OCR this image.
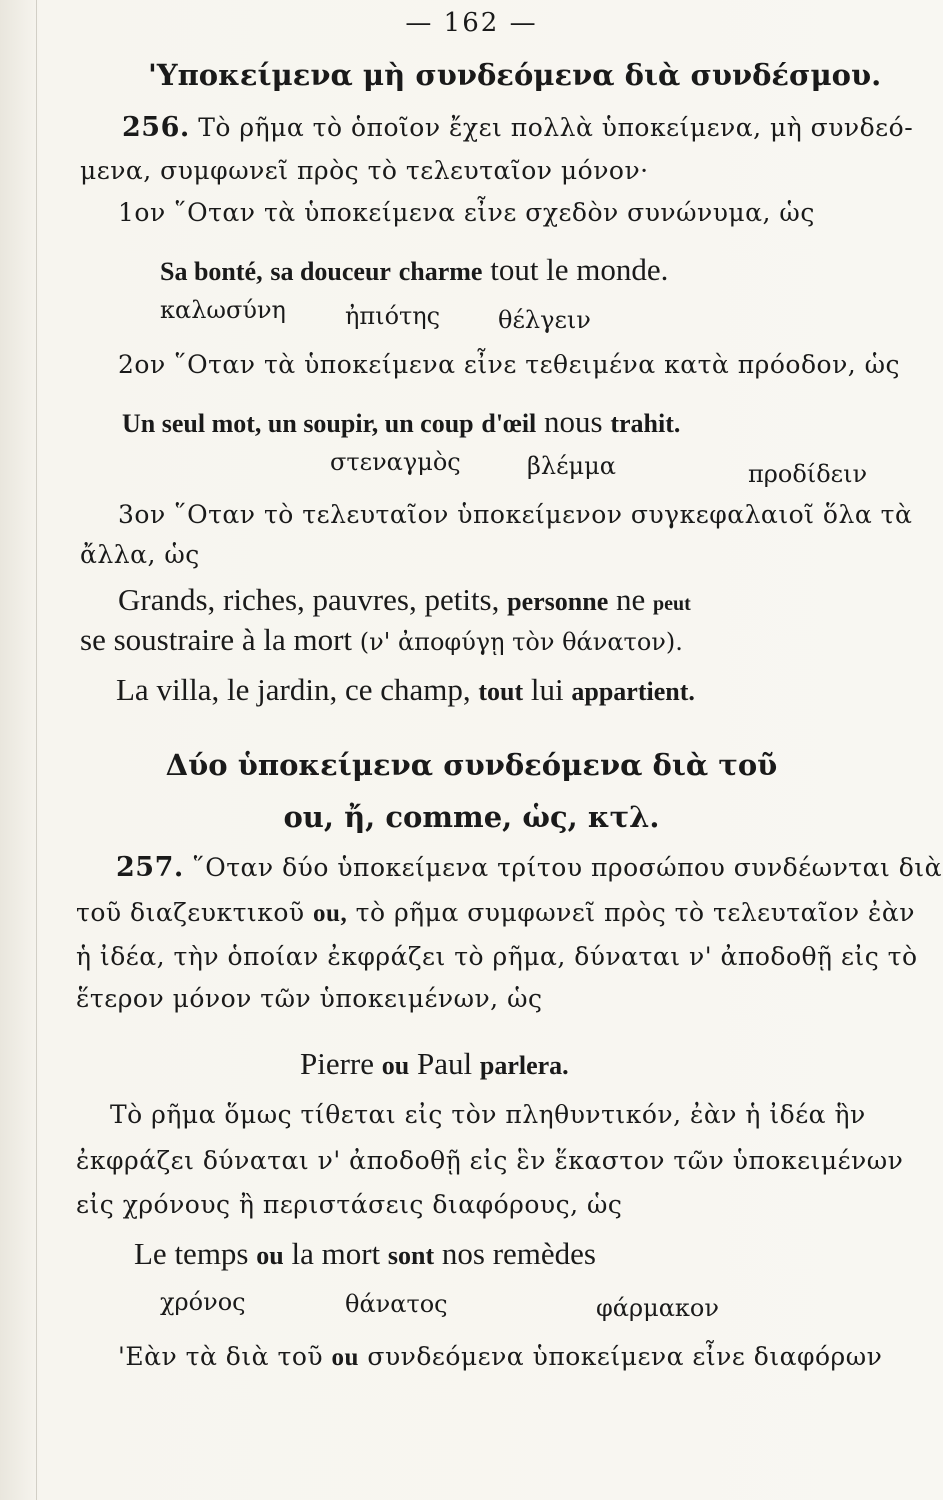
— 162 —
'Υποκείμενα μὴ συνδεόμενα διὰ συνδέσμου.
256. Τὸ ρῆμα τὸ ὁποῖον ἔχει πολλὰ ὑποκείμενα, μὴ συνδεό-
μενα, συμφωνεῖ πρὸς τὸ τελευταῖον μόνον·
1ον ῞Οταν τὰ ὑποκείμενα εἶνε σχεδὸν συνώνυμα, ὡς
Sa bonté, sa douceur charme tout le monde.
καλωσύνη ἠπιότης θέλγειν
2ον ῞Οταν τὰ ὑποκείμενα εἶνε τεθειμένα κατὰ πρόοδον, ὡς
Un seul mot, un soupir, un coup d'œil nous trahit.
στεναγμὸς	βλέμμα	προδίδειν
3ον ῞Οταν τὸ τελευταῖον ὑποκείμενον συγκεφαλαιοῖ ὅλα τὰ
ἄλλα, ὡς
Grands, riches, pauvres, petits, personne ne peut
se soustraire à la mort (ν' ἀποφύγῃ τὸν θάνατον).
La villa, le jardin, ce champ, tout lui appartient.
Δύο ὑποκείμενα συνδεόμενα διὰ τοῦ
ou, ἤ, comme, ὡς, κτλ.
257. ῞Οταν δύο ὑποκείμενα τρίτου προσώπου συνδέωνται διὰ
τοῦ διαζευκτικοῦ ou, τὸ ρῆμα συμφωνεῖ πρὸς τὸ τελευταῖον ἐὰν
ἡ ἰδέα, τὴν ὁποίαν ἐκφράζει τὸ ρῆμα, δύναται ν' ἀποδοθῇ εἰς τὸ
ἕτερον μόνον τῶν ὑποκειμένων, ὡς
Pierre ou Paul parlera.
Τὸ ρῆμα ὅμως τίθεται εἰς τὸν πληθυντικόν, ἐὰν ἡ ἰδέα ἣν
ἐκφράζει δύναται ν' ἀποδοθῇ εἰς ἓν ἕκαστον τῶν ὑποκειμένων
εἰς χρόνους ἢ περιστάσεις διαφόρους, ὡς
Le temps ou la mort sont nos remèdes
χρόνος	θάνατος	φάρμακον
'Εὰν τὰ διὰ τοῦ ou συνδεόμενα ὑποκείμενα εἶνε διαφόρων
